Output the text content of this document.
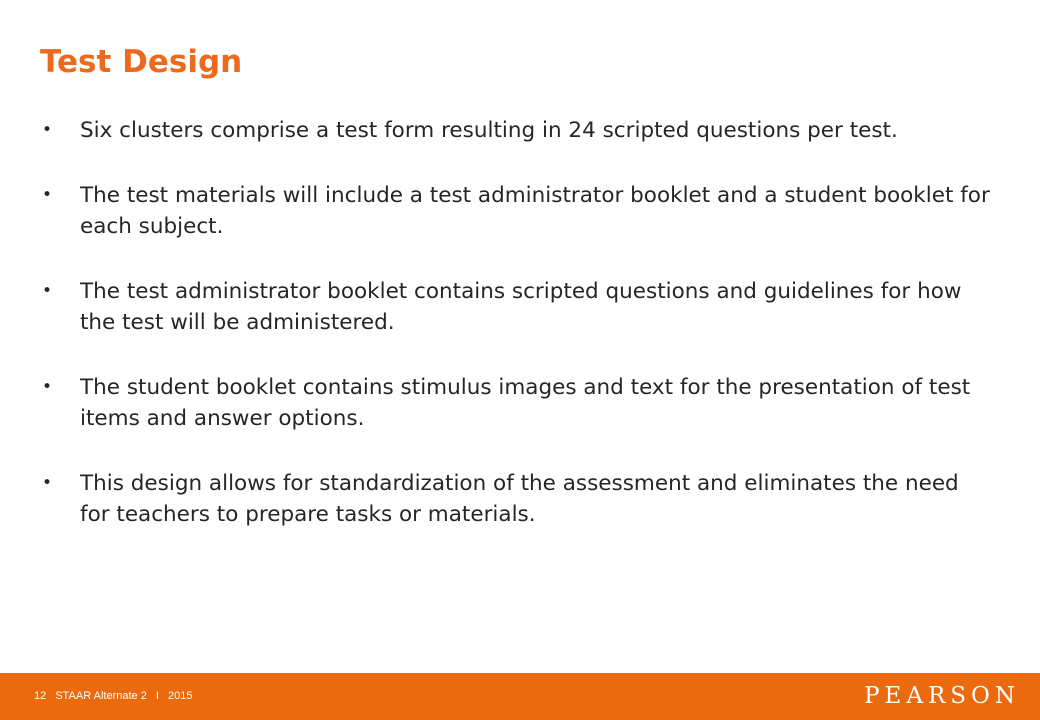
Test Design
• Six clusters comprise a test form resulting in 24 scripted questions per test.
• The test materials will include a test administrator booklet and a student booklet for each subject.
• The test administrator booklet contains scripted questions and guidelines for how the test will be administered.
• The student booklet contains stimulus images and text for the presentation of test items and answer options.
• This design allows for standardization of the assessment and eliminates the need for teachers to prepare tasks or materials.
12 STAAR Alternate 2 I 2015	PEARSON
